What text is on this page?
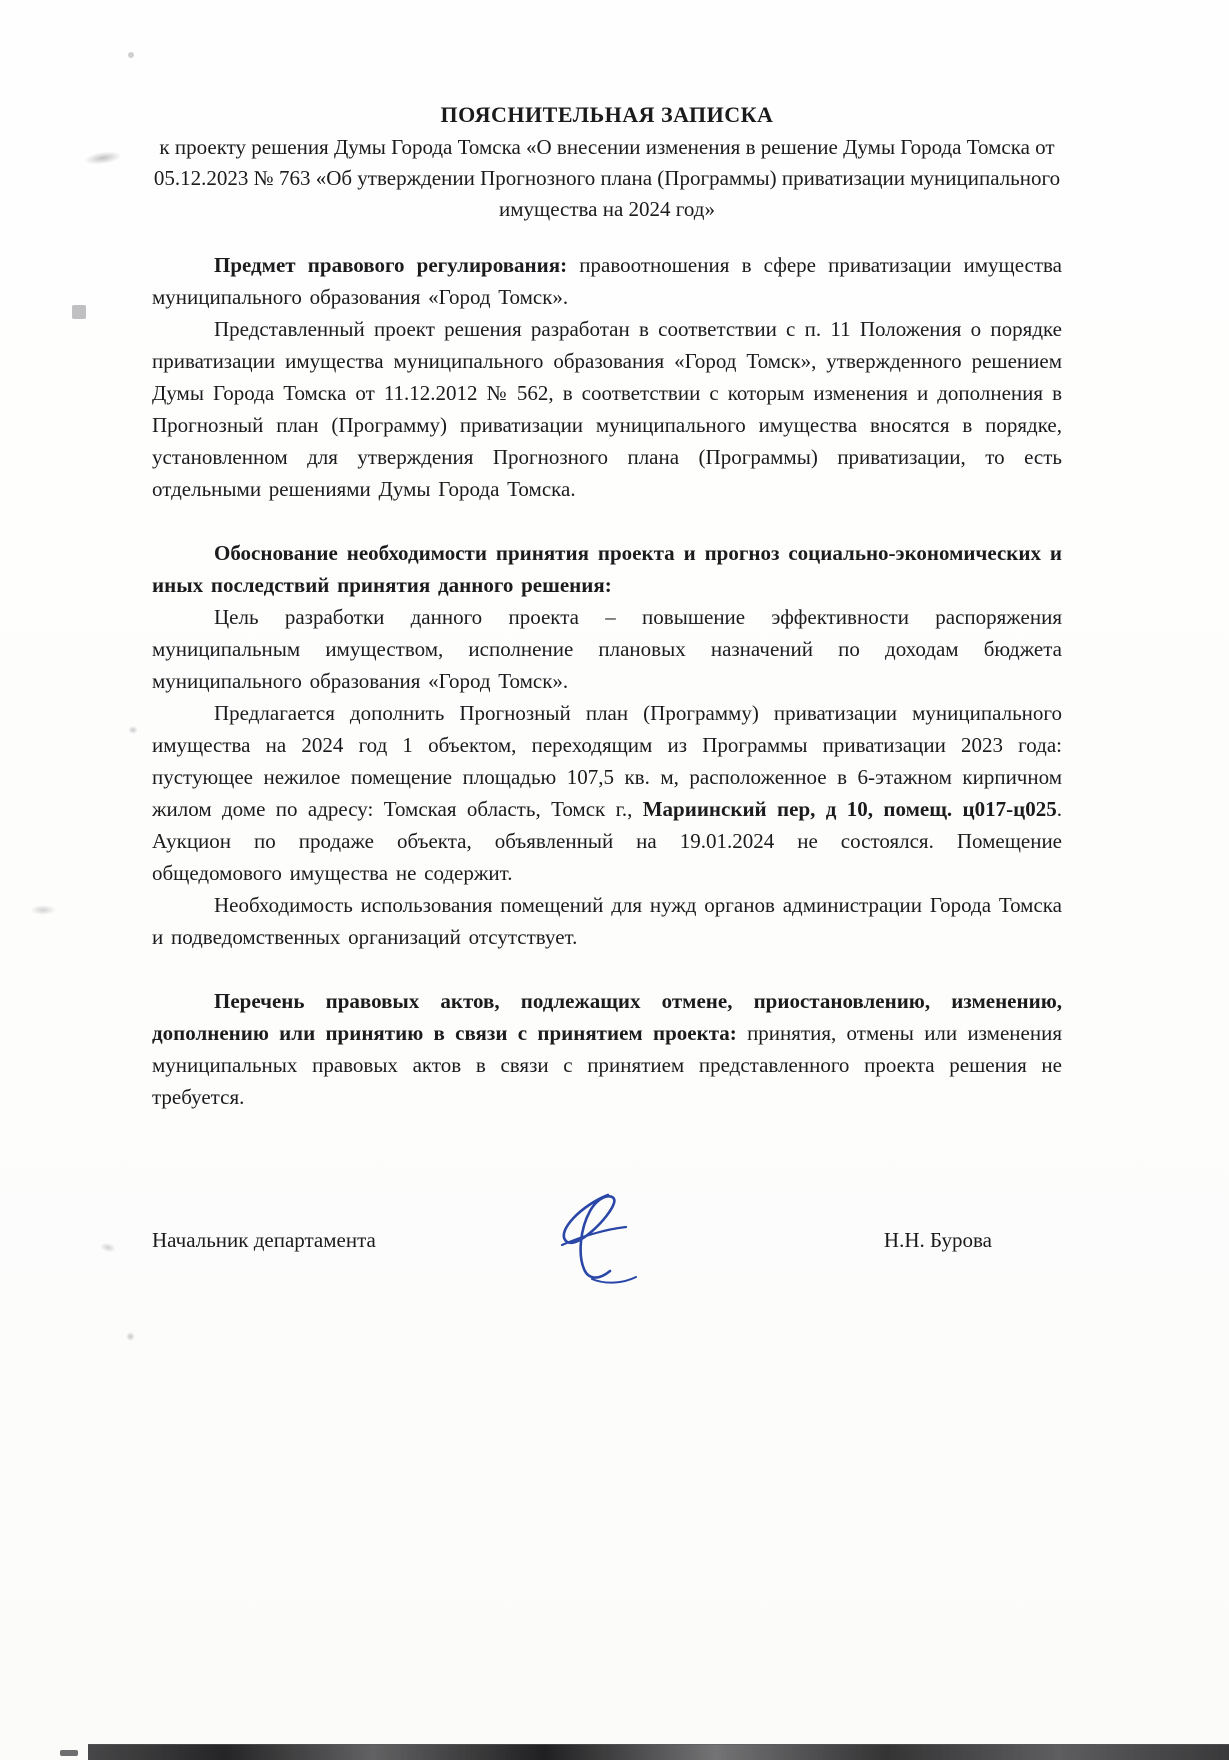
ПОЯСНИТЕЛЬНАЯ ЗАПИСКА

к проекту решения Думы Города Томска «О внесении изменения в решение Думы Города Томска от 05.12.2023 № 763 «Об утверждении Прогнозного плана (Программы) приватизации муниципального имущества на 2024 год»

Предмет правового регулирования: правоотношения в сфере приватизации имущества муниципального образования «Город Томск».

Представленный проект решения разработан в соответствии с п. 11 Положения о порядке приватизации имущества муниципального образования «Город Томск», утвержденного решением Думы Города Томска от 11.12.2012 № 562, в соответствии с которым изменения и дополнения в Прогнозный план (Программу) приватизации муниципального имущества вносятся в порядке, установленном для утверждения Прогнозного плана (Программы) приватизации, то есть отдельными решениями Думы Города Томска.

Обоснование необходимости принятия проекта и прогноз социально-экономических и иных последствий принятия данного решения:

Цель разработки данного проекта – повышение эффективности распоряжения муниципальным имуществом, исполнение плановых назначений по доходам бюджета муниципального образования «Город Томск».

Предлагается дополнить Прогнозный план (Программу) приватизации муниципального имущества на 2024 год 1 объектом, переходящим из Программы приватизации 2023 года: пустующее нежилое помещение площадью 107,5 кв. м, расположенное в 6-этажном кирпичном жилом доме по адресу: Томская область, Томск г., Мариинский пер, д 10, помещ. ц017-ц025. Аукцион по продаже объекта, объявленный на 19.01.2024 не состоялся. Помещение общедомового имущества не содержит.

Необходимость использования помещений для нужд органов администрации Города Томска и подведомственных организаций отсутствует.

Перечень правовых актов, подлежащих отмене, приостановлению, изменению, дополнению или принятию в связи с принятием проекта: принятия, отмены или изменения муниципальных правовых актов в связи с принятием представленного проекта решения не требуется.

Начальник департамента	Н.Н. Бурова
